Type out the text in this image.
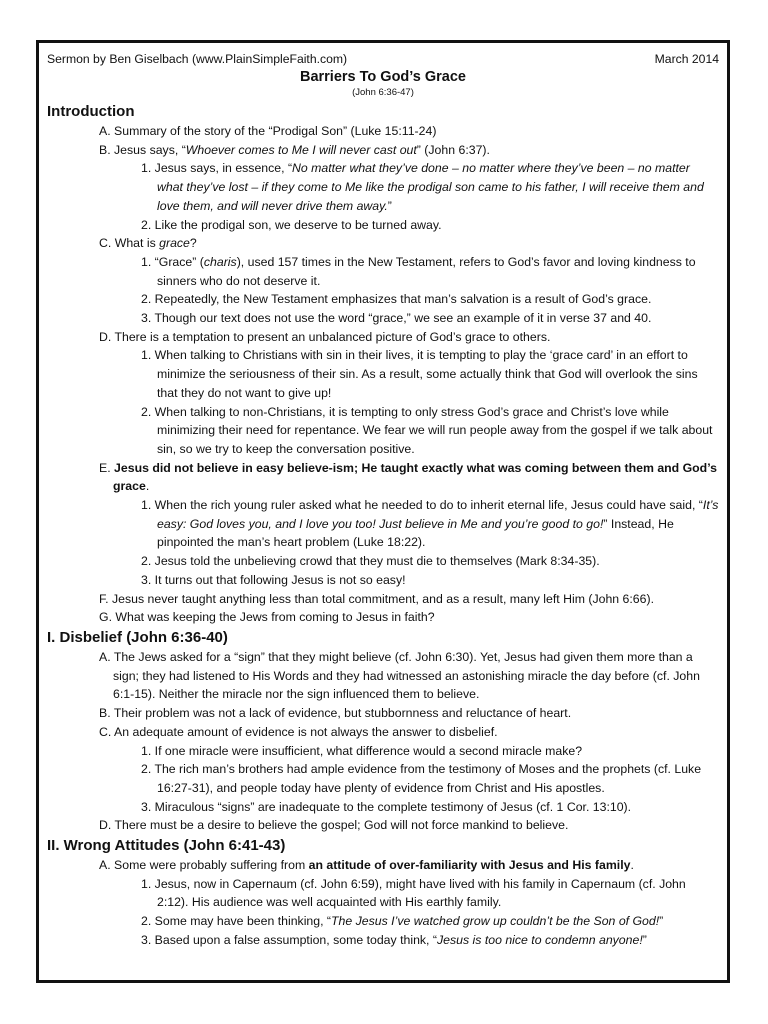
Sermon by Ben Giselbach (www.PlainSimpleFaith.com)	March 2014
Barriers To God’s Grace
(John 6:36-47)
Introduction
A. Summary of the story of the “Prodigal Son” (Luke 15:11-24)
B. Jesus says, “Whoever comes to Me I will never cast out” (John 6:37).
1. Jesus says, in essence, “No matter what they’ve done – no matter where they’ve been – no matter what they’ve lost – if they come to Me like the prodigal son came to his father, I will receive them and love them, and will never drive them away.”
2. Like the prodigal son, we deserve to be turned away.
C. What is grace?
1. “Grace” (charis), used 157 times in the New Testament, refers to God’s favor and loving kindness to sinners who do not deserve it.
2. Repeatedly, the New Testament emphasizes that man’s salvation is a result of God’s grace.
3. Though our text does not use the word “grace,” we see an example of it in verse 37 and 40.
D. There is a temptation to present an unbalanced picture of God’s grace to others.
1. When talking to Christians with sin in their lives, it is tempting to play the ‘grace card’ in an effort to minimize the seriousness of their sin. As a result, some actually think that God will overlook the sins that they do not want to give up!
2. When talking to non-Christians, it is tempting to only stress God’s grace and Christ’s love while minimizing their need for repentance. We fear we will run people away from the gospel if we talk about sin, so we try to keep the conversation positive.
E. Jesus did not believe in easy believe-ism; He taught exactly what was coming between them and God’s grace.
1. When the rich young ruler asked what he needed to do to inherit eternal life, Jesus could have said, “It’s easy: God loves you, and I love you too! Just believe in Me and you’re good to go!” Instead, He pinpointed the man’s heart problem (Luke 18:22).
2. Jesus told the unbelieving crowd that they must die to themselves (Mark 8:34-35).
3. It turns out that following Jesus is not so easy!
F. Jesus never taught anything less than total commitment, and as a result, many left Him (John 6:66).
G. What was keeping the Jews from coming to Jesus in faith?
I. Disbelief (John 6:36-40)
A. The Jews asked for a “sign” that they might believe (cf. John 6:30). Yet, Jesus had given them more than a sign; they had listened to His Words and they had witnessed an astonishing miracle the day before (cf. John 6:1-15). Neither the miracle nor the sign influenced them to believe.
B. Their problem was not a lack of evidence, but stubbornness and reluctance of heart.
C. An adequate amount of evidence is not always the answer to disbelief.
1. If one miracle were insufficient, what difference would a second miracle make?
2. The rich man’s brothers had ample evidence from the testimony of Moses and the prophets (cf. Luke 16:27-31), and people today have plenty of evidence from Christ and His apostles.
3. Miraculous “signs” are inadequate to the complete testimony of Jesus (cf. 1 Cor. 13:10).
D. There must be a desire to believe the gospel; God will not force mankind to believe.
II. Wrong Attitudes (John 6:41-43)
A. Some were probably suffering from an attitude of over-familiarity with Jesus and His family.
1. Jesus, now in Capernaum (cf. John 6:59), might have lived with his family in Capernaum (cf. John 2:12). His audience was well acquainted with His earthly family.
2. Some may have been thinking, “The Jesus I’ve watched grow up couldn’t be the Son of God!”
3. Based upon a false assumption, some today think, “Jesus is too nice to condemn anyone!”
